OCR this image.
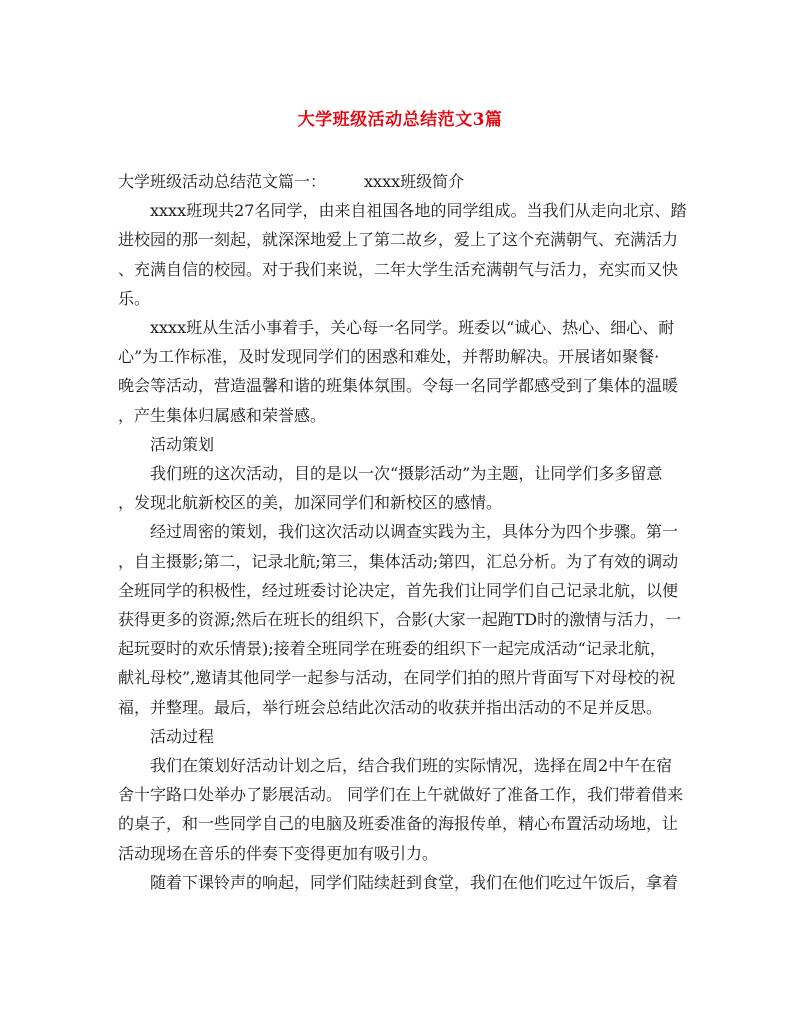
大学班级活动总结范文3篇
大学班级活动总结范文篇一： xxxx班级简介
xxxx班现共27名同学，由来自祖国各地的同学组成。当我们从走向北京、踏
进校园的那一刻起，就深深地爱上了第二故乡，爱上了这个充满朝气、充满活力
、充满自信的校园。对于我们来说，二年大学生活充满朝气与活力，充实而又快
乐。
xxxx班从生活小事着手，关心每一名同学。班委以“诚心、热心、细心、耐
心”为工作标准，及时发现同学们的困惑和难处，并帮助解决。开展诸如聚餐·
晚会等活动，营造温馨和谐的班集体氛围。令每一名同学都感受到了集体的温暖
，产生集体归属感和荣誉感。
活动策划
我们班的这次活动，目的是以一次“摄影活动”为主题，让同学们多多留意
，发现北航新校区的美，加深同学们和新校区的感情。
经过周密的策划，我们这次活动以调查实践为主，具体分为四个步骤。第一
，自主摄影;第二，记录北航;第三，集体活动;第四，汇总分析。为了有效的调动
全班同学的积极性，经过班委讨论决定，首先我们让同学们自己记录北航，以便
获得更多的资源;然后在班长的组织下，合影(大家一起跑TD时的激情与活力，一
起玩耍时的欢乐情景);接着全班同学在班委的组织下一起完成活动“记录北航，
献礼母校”,邀请其他同学一起参与活动，在同学们拍的照片背面写下对母校的祝
福，并整理。最后，举行班会总结此次活动的收获并指出活动的不足并反思。
活动过程
我们在策划好活动计划之后，结合我们班的实际情况，选择在周2中午在宿
舍十字路口处举办了影展活动。 同学们在上午就做好了准备工作，我们带着借来
的桌子，和一些同学自己的电脑及班委准备的海报传单，精心布置活动场地，让
活动现场在音乐的伴奏下变得更加有吸引力。
随着下课铃声的响起，同学们陆续赶到食堂，我们在他们吃过午饭后，拿着
